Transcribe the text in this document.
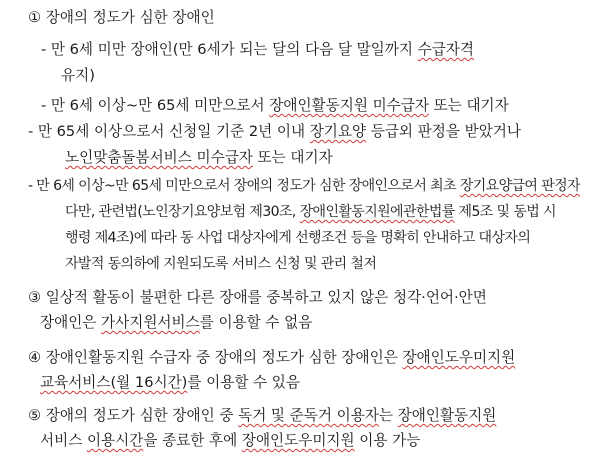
① 장애의 정도가 심한 장애인
- 만 6세 미만 장애인(만 6세가 되는 달의 다음 달 말일까지 수급자격
유지)
- 만 6세 이상~만 65세 미만으로서 장애인활동지원 미수급자 또는 대기자
- 만 65세 이상으로서 신청일 기준 2년 이내 장기요양 등급외 판정을 받았거나
노인맞춤돌봄서비스 미수급자 또는 대기자
- 만 6세 이상~만 65세 미만으로서 장애의 정도가 심한 장애인으로서 최초 장기요양급여 판정자
다만, 관련법(노인장기요양보험 제30조, 장애인활동지원에관한법률 제5조 및 동법 시
행령 제4조)에 따라 동 사업 대상자에게 선행조건 등을 명확히 안내하고 대상자의
자발적 동의하에 지원되도록 서비스 신청 및 관리 철저
③ 일상적 활동이 불편한 다른 장애를 중복하고 있지 않은 청각·언어·안면
장애인은 가사지원서비스를 이용할 수 없음
④ 장애인활동지원 수급자 중 장애의 정도가 심한 장애인은 장애인도우미지원
교육서비스(월 16시간)를 이용할 수 있음
⑤ 장애의 정도가 심한 장애인 중 독거 및 준독거 이용자는 장애인활동지원
서비스 이용시간을 종료한 후에 장애인도우미지원 이용 가능
